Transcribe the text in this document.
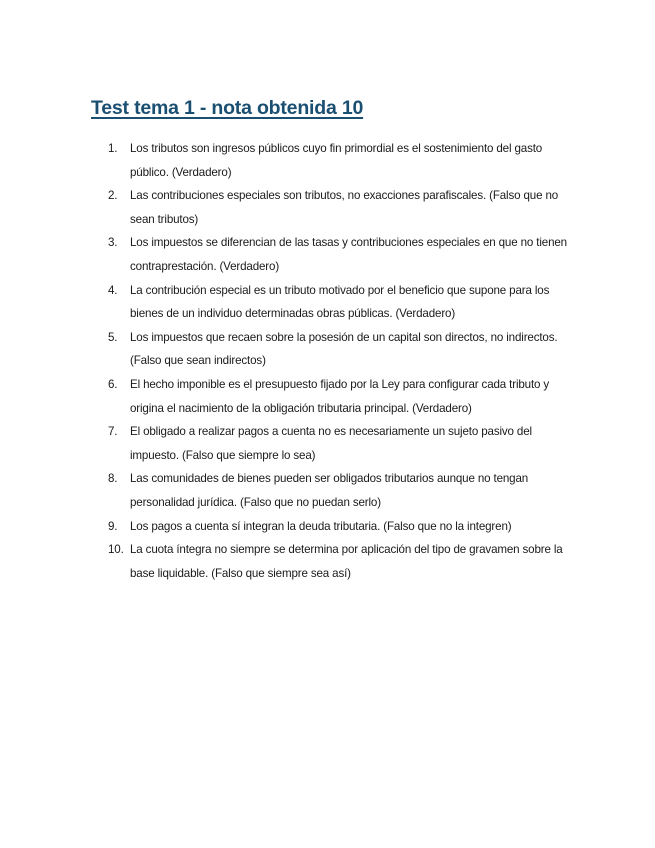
Test tema 1 - nota obtenida 10
1.	Los tributos son ingresos públicos cuyo fin primordial es el sostenimiento del gasto público. (Verdadero)
2.	Las contribuciones especiales son tributos, no exacciones parafiscales. (Falso que no sean tributos)
3.	Los impuestos se diferencian de las tasas y contribuciones especiales en que no tienen contraprestación. (Verdadero)
4.	La contribución especial es un tributo motivado por el beneficio que supone para los bienes de un individuo determinadas obras públicas. (Verdadero)
5.	Los impuestos que recaen sobre la posesión de un capital son directos, no indirectos. (Falso que sean indirectos)
6.	El hecho imponible es el presupuesto fijado por la Ley para configurar cada tributo y origina el nacimiento de la obligación tributaria principal. (Verdadero)
7.	El obligado a realizar pagos a cuenta no es necesariamente un sujeto pasivo del impuesto. (Falso que siempre lo sea)
8.	Las comunidades de bienes pueden ser obligados tributarios aunque no tengan personalidad jurídica. (Falso que no puedan serlo)
9.	Los pagos a cuenta sí integran la deuda tributaria. (Falso que no la integren)
10. La cuota íntegra no siempre se determina por aplicación del tipo de gravamen sobre la base liquidable. (Falso que siempre sea así)
